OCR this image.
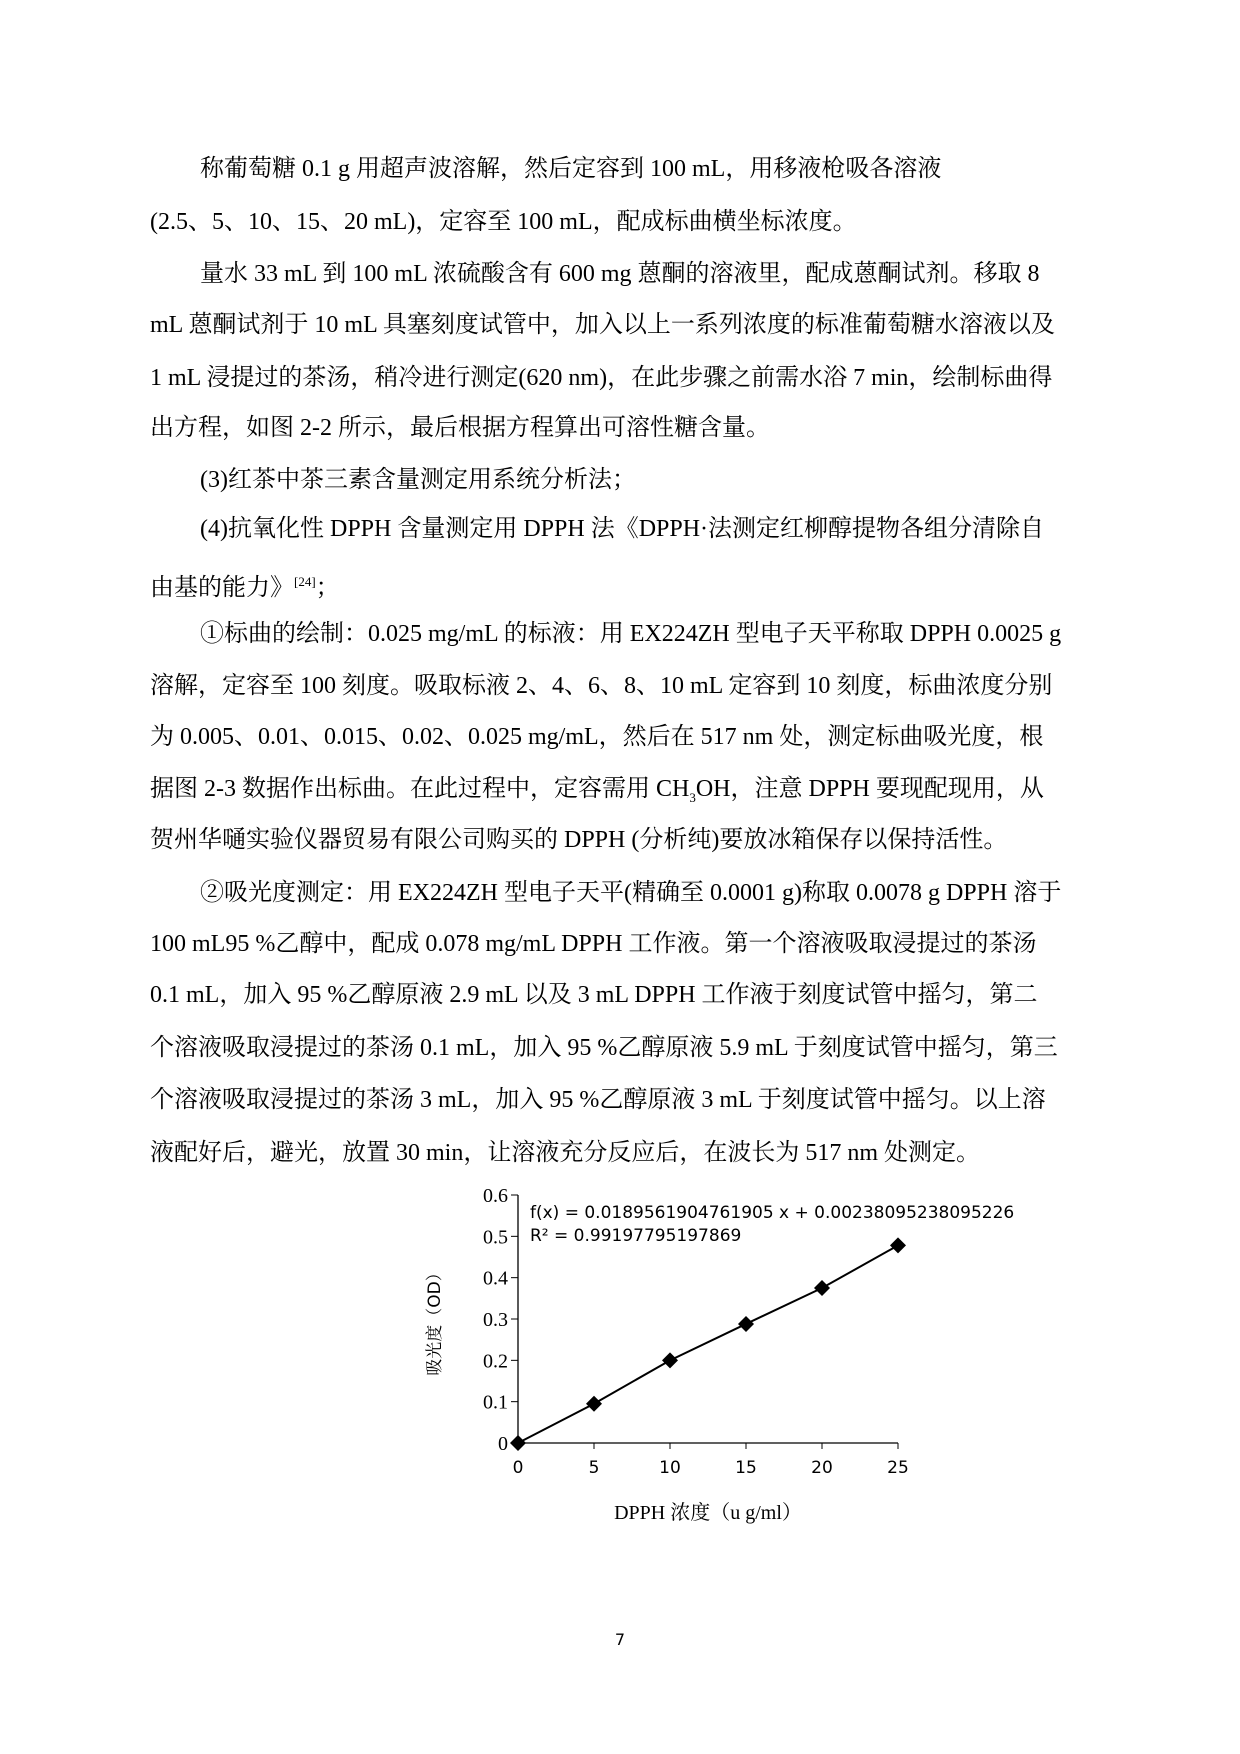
称葡萄糖 0.1 g 用超声波溶解，然后定容到 100 mL，用移液枪吸各溶液
(2.5、5、10、15、20 mL)，定容至 100 mL，配成标曲横坐标浓度。
量水 33 mL 到 100 mL 浓硫酸含有 600 mg 蒽酮的溶液里，配成蒽酮试剂。移取 8
mL 蒽酮试剂于 10 mL 具塞刻度试管中，加入以上一系列浓度的标准葡萄糖水溶液以及
1 mL 浸提过的茶汤，稍冷进行测定(620 nm)，在此步骤之前需水浴 7 min，绘制标曲得
出方程，如图 2-2 所示，最后根据方程算出可溶性糖含量。
(3)红茶中茶三素含量测定用系统分析法；
(4)抗氧化性 DPPH 含量测定用 DPPH 法《DPPH·法测定红柳醇提物各组分清除自
由基的能力》[24]；
①标曲的绘制：0.025 mg/mL 的标液：用 EX224ZH 型电子天平称取 DPPH 0.0025 g
溶解，定容至 100 刻度。吸取标液 2、4、6、8、10 mL 定容到 10 刻度，标曲浓度分别
为 0.005、0.01、0.015、0.02、0.025 mg/mL，然后在 517 nm 处，测定标曲吸光度，根
据图 2-3 数据作出标曲。在此过程中，定容需用 $CH_3OH$，注意 DPPH 要现配现用，从
贺州华嗵实验仪器贸易有限公司购买的 DPPH (分析纯)要放冰箱保存以保持活性。
②吸光度测定：用 EX224ZH 型电子天平(精确至 0.0001 g)称取 0.0078 g DPPH 溶于
100 mL95 %乙醇中，配成 0.078 mg/mL DPPH 工作液。第一个溶液吸取浸提过的茶汤
0.1 mL，加入 95 %乙醇原液 2.9 mL 以及 3 mL DPPH 工作液于刻度试管中摇匀，第二
个溶液吸取浸提过的茶汤 0.1 mL，加入 95 %乙醇原液 5.9 mL 于刻度试管中摇匀，第三
个溶液吸取浸提过的茶汤 3 mL，加入 95 %乙醇原液 3 mL 于刻度试管中摇匀。以上溶
液配好后，避光，放置 30 min，让溶液充分反应后，在波长为 517 nm 处测定。
0
0.1
0.2
0.3
0.4
0.5
0.6
0	5	10	15	20	25
f(x) = 0.0189561904761905 x + 0.00238095238095226
R² = 0.99197795197869
吸光度（OD）
DPPH 浓度（u g/ml）
7
